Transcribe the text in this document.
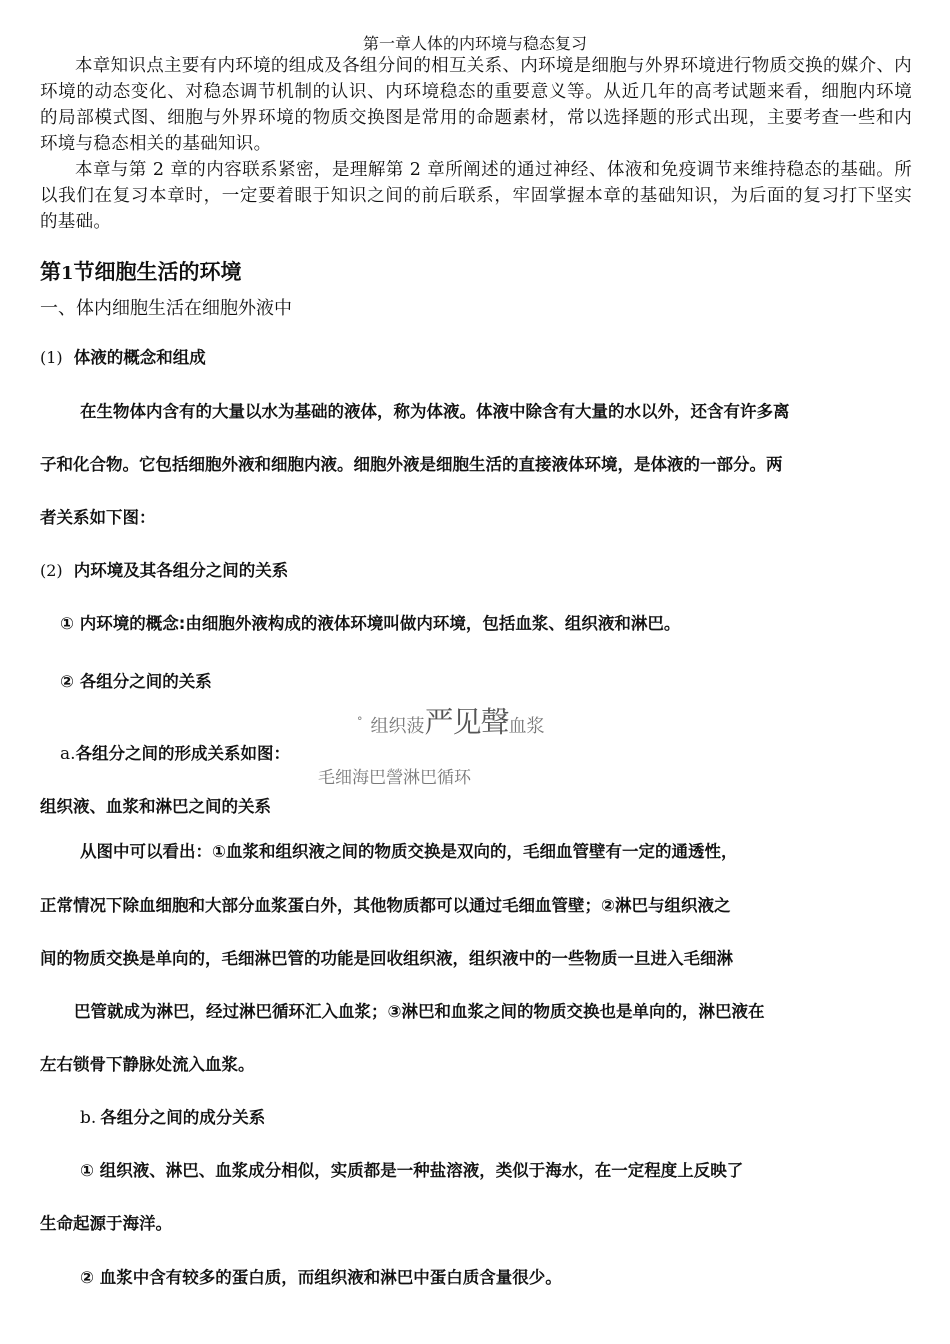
第一章人体的内环境与稳态复习

本章知识点主要有内环境的组成及各组分间的相互关系、内环境是细胞与外界环境进行物质交换的媒介、内环境的动态变化、对稳态调节机制的认识、内环境稳态的重要意义等。从近几年的高考试题来看，细胞内环境的局部模式图、细胞与外界环境的物质交换图是常用的命题素材，常以选择题的形式出现，主要考查一些和内环境与稳态相关的基础知识。

本章与第 2 章的内容联系紧密，是理解第 2 章所阐述的通过神经、体液和免疫调节来维持稳态的基础。所以我们在复习本章时，一定要着眼于知识之间的前后联系，牢固掌握本章的基础知识，为后面的复习打下坚实的基础。

第1节细胞生活的环境
一、体内细胞生活在细胞外液中
(1) 体液的概念和组成
在生物体内含有的大量以水为基础的液体，称为体液。体液中除含有大量的水以外，还含有许多离
子和化合物。它包括细胞外液和细胞内液。细胞外液是细胞生活的直接液体环境，是体液的一部分。两
者关系如下图：
(2) 内环境及其各组分之间的关系
① 内环境的概念:由细胞外液构成的液体环境叫做内环境，包括血浆、组织液和淋巴。
② 各组分之间的关系
° 组织菠严见聲血浆
a.各组分之间的形成关系如图：
毛细海巴謍淋巴循环
组织液、血浆和淋巴之间的关系
从图中可以看出：①血浆和组织液之间的物质交换是双向的，毛细血管壁有一定的通透性，
正常情况下除血细胞和大部分血浆蛋白外，其他物质都可以通过毛细血管壁；②淋巴与组织液之
间的物质交换是单向的，毛细淋巴管的功能是回收组织液，组织液中的一些物质一旦进入毛细淋
巴管就成为淋巴，经过淋巴循环汇入血浆；③淋巴和血浆之间的物质交换也是单向的，淋巴液在
左右锁骨下静脉处流入血浆。
b. 各组分之间的成分关系
① 组织液、淋巴、血浆成分相似，实质都是一种盐溶液，类似于海水，在一定程度上反映了
生命起源于海洋。
② 血浆中含有较多的蛋白质，而组织液和淋巴中蛋白质含量很少。
